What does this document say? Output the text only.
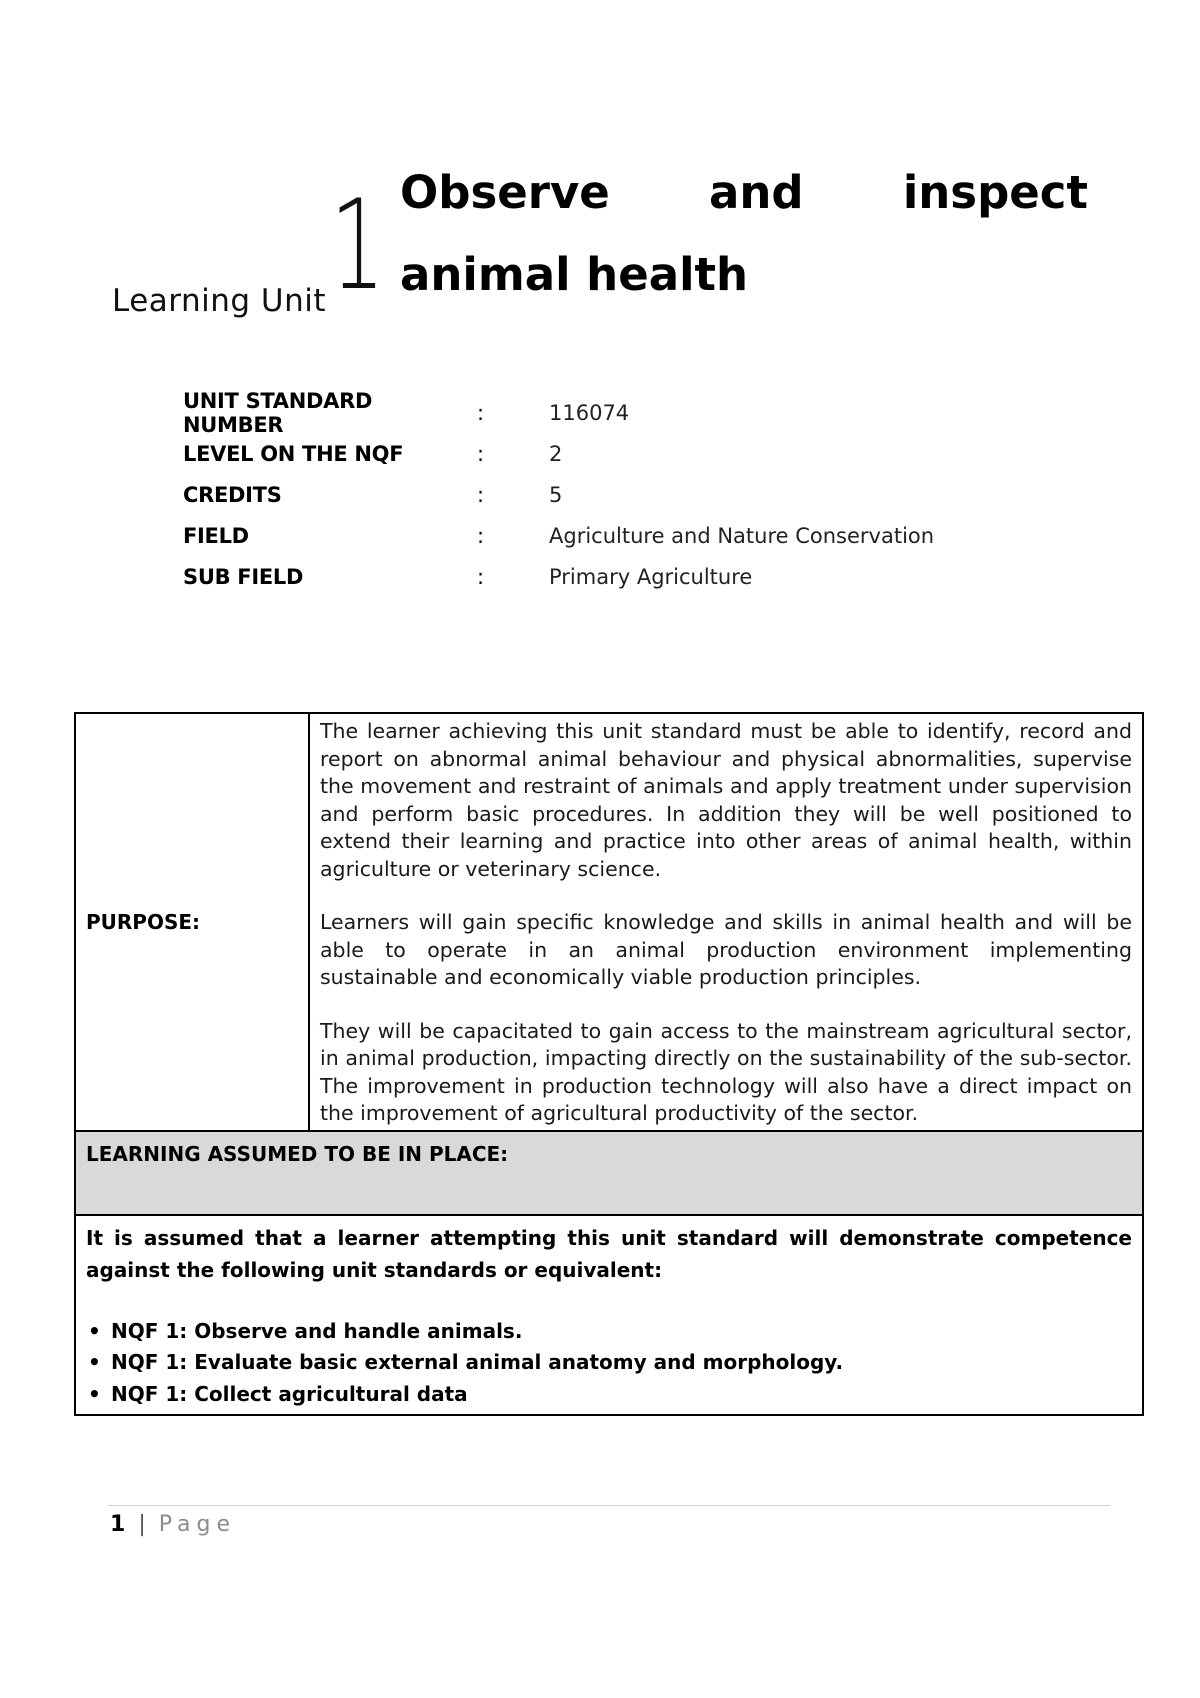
Learning Unit 1 Observe and inspect animal health
UNIT STANDARD NUMBER	:	116074
LEVEL ON THE NQF	:	2
CREDITS	:	5
FIELD	:	Agriculture and Nature Conservation
SUB FIELD	:	Primary Agriculture
PURPOSE:	

The learner achieving this unit standard must be able to identify, record and report on abnormal animal behaviour and physical abnormalities, supervise the movement and restraint of animals and apply treatment under supervision and perform basic procedures. In addition they will be well positioned to extend their learning and practice into other areas of animal health, within agriculture or veterinary science.

Learners will gain specific knowledge and skills in animal health and will be able to operate in an animal production environment implementing sustainable and economically viable production principles.

They will be capacitated to gain access to the mainstream agricultural sector, in animal production, impacting directly on the sustainability of the sub-sector. The improvement in production technology will also have a direct impact on the improvement of agricultural productivity of the sector.

LEARNING ASSUMED TO BE IN PLACE:

It is assumed that a learner attempting this unit standard will demonstrate competence against the following unit standards or equivalent:

• NQF 1: Observe and handle animals.
• NQF 1: Evaluate basic external animal anatomy and morphology.
• NQF 1: Collect agricultural data
1 | Page
